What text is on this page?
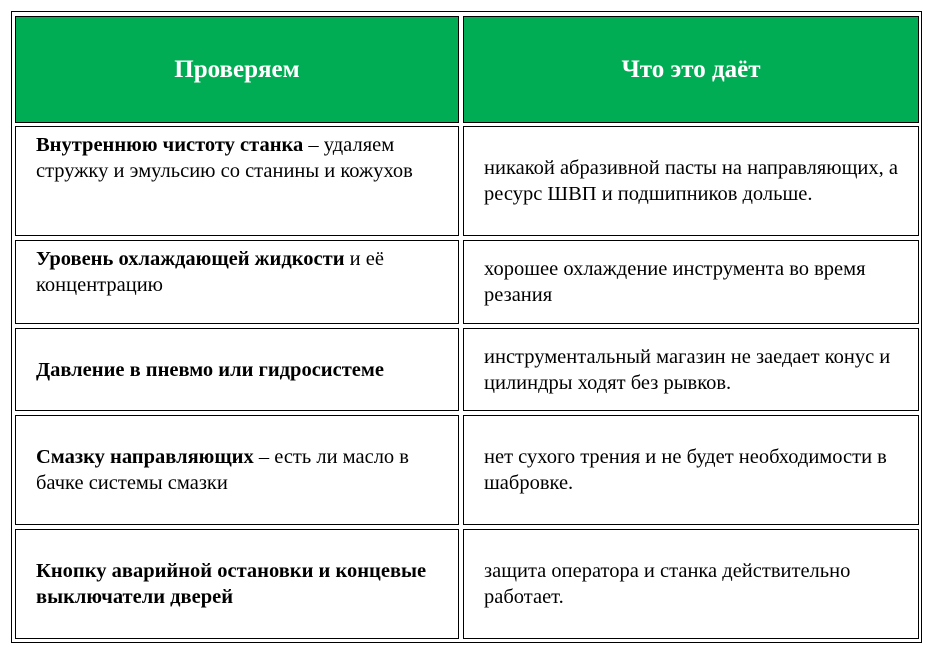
Проверяем	Что это даёт
Внутреннюю чистоту станка – удаляем стружку и эмульсию со станины и кожухов	никакой абразивной пасты на направляющих, а ресурс ШВП и подшипников дольше.
Уровень охлаждающей жидкости и её концентрацию
хорошее охлаждение инструмента во время резания
Давление в пневмо или гидросистеме
инструментальный магазин не заедает конус и цилиндры ходят без рывков.
Смазку направляющих – есть ли масло в бачке системы смазки
нет сухого трения и не будет необходимости в шабровке.
Кнопку аварийной остановки и концевые выключатели дверей
защита оператора и станка действительно работает.
